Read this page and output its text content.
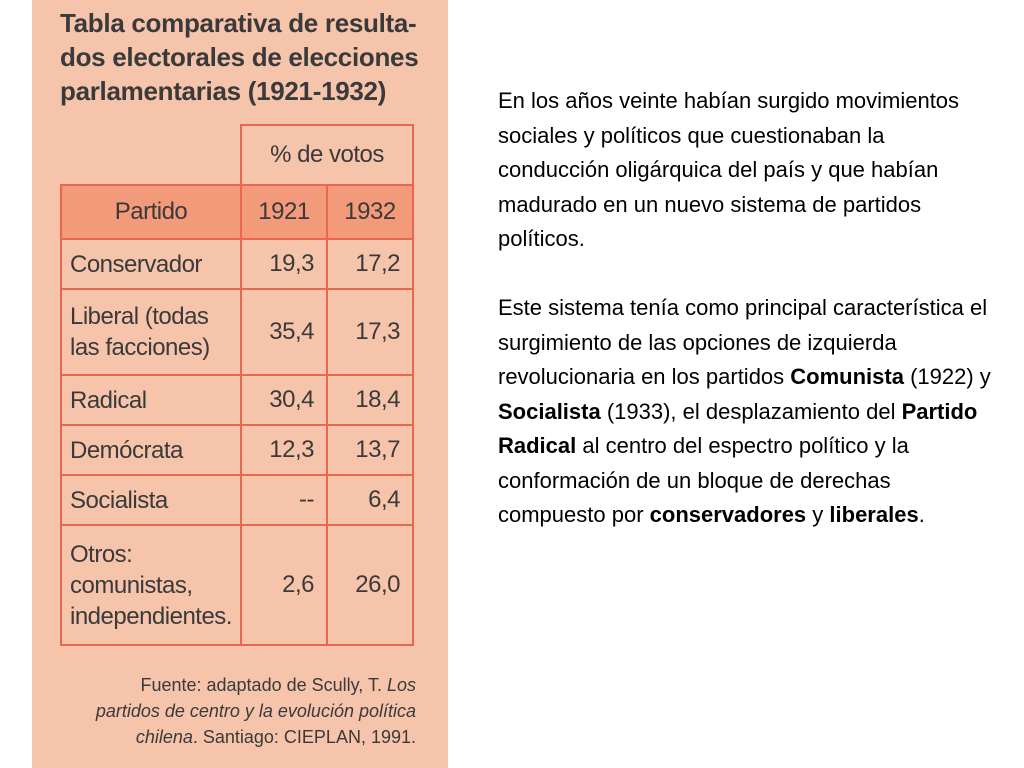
Tabla comparativa de resulta-
dos electorales de elecciones
parlamentarias (1921-1932)
	% de votos	
Partido	1921	1932
Conservador	19,3	17,2
Liberal (todas
las facciones)	35,4	17,3
Radical	30,4	18,4
Demócrata	12,3	13,7
Socialista	--	6,4
Otros:
comunistas,
independientes.	2,6	26,0

Fuente: adaptado de Scully, T. Los

partidos de centro y la evolución política

chilena. Santiago: CIEPLAN, 1991.

En los años veinte habían surgido movimientos sociales y políticos que cuestionaban la conducción oligárquica del país y que habían madurado en un nuevo sistema de partidos políticos.

Este sistema tenía como principal característica el surgimiento de las opciones de izquierda revolucionaria en los partidos Comunista (1922) y Socialista (1933), el desplazamiento del Partido Radical al centro del espectro político y la conformación de un bloque de derechas compuesto por conservadores y liberales.
